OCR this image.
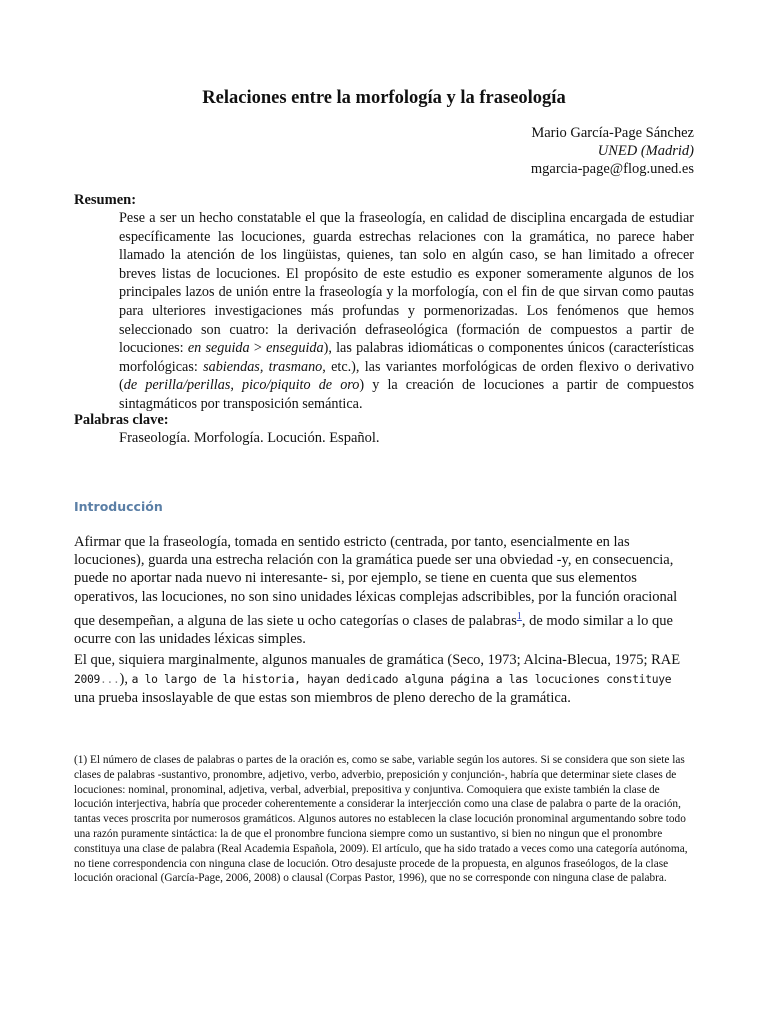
Relaciones entre la morfología y la fraseología
Mario García-Page Sánchez
UNED (Madrid)
mgarcia-page@flog.uned.es
Resumen:

Pese a ser un hecho constatable el que la fraseología, en calidad de disciplina encargada de estudiar específicamente las locuciones, guarda estrechas relaciones con la gramática, no parece haber llamado la atención de los lingüistas, quienes, tan solo en algún caso, se han limitado a ofrecer breves listas de locuciones. El propósito de este estudio es exponer someramente algunos de los principales lazos de unión entre la fraseología y la morfología, con el fin de que sirvan como pautas para ulteriores investigaciones más profundas y pormenorizadas. Los fenómenos que hemos seleccionado son cuatro: la derivación defraseológica (formación de compuestos a partir de locuciones: en seguida > enseguida), las palabras idiomáticas o componentes únicos (características morfológicas: sabiendas, trasmano, etc.), las variantes morfológicas de orden flexivo o derivativo (de perilla/perillas, pico/piquito de oro) y la creación de locuciones a partir de compuestos sintagmáticos por transposición semántica.

Palabras clave:

Fraseología. Morfología. Locución. Español.

Introducción

Afirmar que la fraseología, tomada en sentido estricto (centrada, por tanto, esencialmente en las locuciones), guarda una estrecha relación con la gramática puede ser una obviedad -y, en consecuencia, puede no aportar nada nuevo ni interesante- si, por ejemplo, se tiene en cuenta que sus elementos operativos, las locuciones, no son sino unidades léxicas complejas adscribibles, por la función oracional que desempeñan, a alguna de las siete u ocho categorías o clases de palabras$^1$, de modo similar a lo que ocurre con las unidades léxicas simples.

El que, siquiera marginalmente, algunos manuales de gramática (Seco, 1973; Alcina-Blecua, 1975; RAE 2009...), a lo largo de la historia, hayan dedicado alguna página a las locuciones constituye una prueba insoslayable de que estas son miembros de pleno derecho de la gramática.

(1) El número de clases de palabras o partes de la oración es, como se sabe, variable según los autores. Si se considera que son siete las clases de palabras -sustantivo, pronombre, adjetivo, verbo, adverbio, preposición y conjunción-, habría que determinar siete clases de locuciones: nominal, pronominal, adjetiva, verbal, adverbial, prepositiva y conjuntiva. Comoquiera que existe también la clase de locución interjectiva, habría que proceder coherentemente a considerar la interjección como una clase de palabra o parte de la oración, tantas veces proscrita por numerosos gramáticos. Algunos autores no establecen la clase locución pronominal argumentando sobre todo una razón puramente sintáctica: la de que el pronombre funciona siempre como un sustantivo, si bien no ningun que el pronombre constituya una clase de palabra (Real Academia Española, 2009). El artículo, que ha sido tratado a veces como una categoría autónoma, no tiene correspondencia con ninguna clase de locución. Otro desajuste procede de la propuesta, en algunos fraseólogos, de la clase locución oracional (García-Page, 2006, 2008) o clausal (Corpas Pastor, 1996), que no se corresponde con ninguna clase de palabra.
